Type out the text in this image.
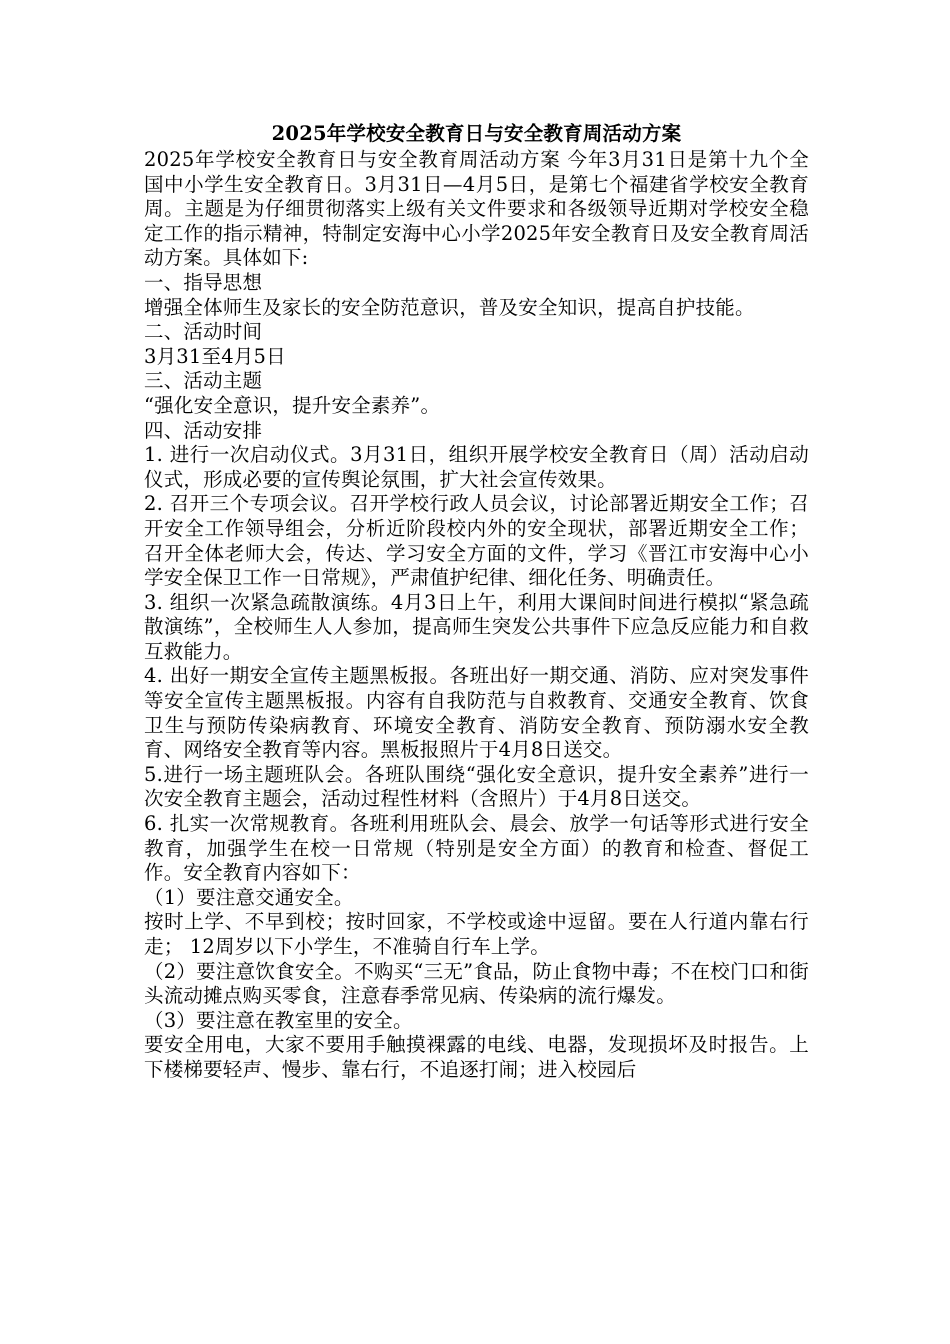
2025年学校安全教育日与安全教育周活动方案

2025年学校安全教育日与安全教育周活动方案 今年3月31日是第十九个全国中小学生安全教育日。3月31日—4月5日，是第七个福建省学校安全教育周。主题是为仔细贯彻落实上级有关文件要求和各级领导近期对学校安全稳定工作的指示精神，特制定安海中心小学2025年安全教育日及安全教育周活动方案。具体如下:

一、指导思想

增强全体师生及家长的安全防范意识，普及安全知识，提高自护技能。

二、活动时间

3月31至4月5日

三、活动主题

“强化安全意识，提升安全素养”。

四、活动安排

1. 进行一次启动仪式。3月31日，组织开展学校安全教育日（周）活动启动仪式，形成必要的宣传舆论氛围，扩大社会宣传效果。

2. 召开三个专项会议。召开学校行政人员会议，讨论部署近期安全工作；召开安全工作领导组会，分析近阶段校内外的安全现状，部署近期安全工作；召开全体老师大会，传达、学习安全方面的文件，学习《晋江市安海中心小学安全保卫工作一日常规》，严肃值护纪律、细化任务、明确责任。

3. 组织一次紧急疏散演练。4月3日上午，利用大课间时间进行模拟“紧急疏散演练”，全校师生人人参加，提高师生突发公共事件下应急反应能力和自救互救能力。

4. 出好一期安全宣传主题黑板报。各班出好一期交通、消防、应对突发事件等安全宣传主题黑板报。内容有自我防范与自救教育、交通安全教育、饮食卫生与预防传染病教育、环境安全教育、消防安全教育、预防溺水安全教育、网络安全教育等内容。黑板报照片于4月8日送交。

5.进行一场主题班队会。各班队围绕“强化安全意识，提升安全素养”进行一次安全教育主题会，活动过程性材料（含照片）于4月8日送交。

6. 扎实一次常规教育。各班利用班队会、晨会、放学一句话等形式进行安全教育，加强学生在校一日常规（特别是安全方面）的教育和检查、督促工作。安全教育内容如下：

（1）要注意交通安全。

按时上学、不早到校；按时回家，不学校或途中逗留。要在人行道内靠右行走； 12周岁以下小学生，不准骑自行车上学。

（2）要注意饮食安全。不购买“三无”食品，防止食物中毒；不在校门口和街头流动摊点购买零食，注意春季常见病、传染病的流行爆发。

（3）要注意在教室里的安全。

要安全用电，大家不要用手触摸裸露的电线、电器，发现损坏及时报告。上下楼梯要轻声、慢步、靠右行，不追逐打闹；进入校园后
